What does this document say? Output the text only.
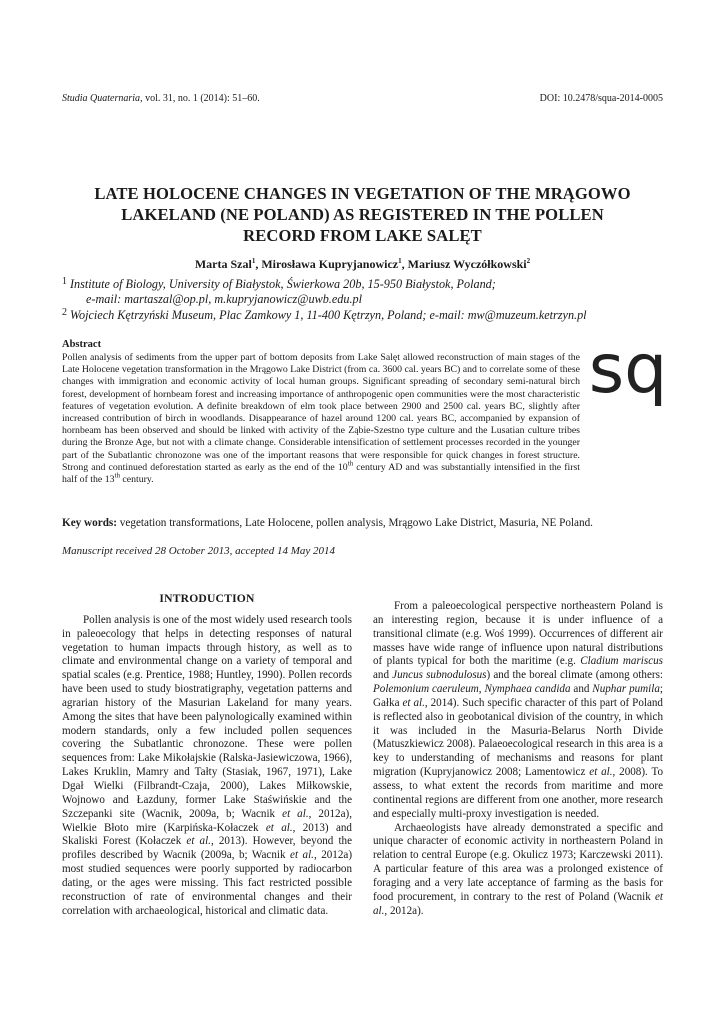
Studia Quaternaria, vol. 31, no. 1 (2014): 51–60.	DOI: 10.2478/squa-2014-0005
LATE HOLOCENE CHANGES IN VEGETATION OF THE MRĄGOWO
LAKELAND (NE POLAND) AS REGISTERED IN THE POLLEN
RECORD FROM LAKE SALĘT
Marta Szal$^1$, Mirosława Kupryjanowicz$^1$, Mariusz Wyczółkowski$^2$
1 Institute of Biology, University of Białystok, Świerkowa 20b, 15-950 Białystok, Poland;
e-mail: martaszal@op.pl, m.kupryjanowicz@uwb.edu.pl
2 Wojciech Kętrzyński Museum, Plac Zamkowy 1, 11-400 Kętrzyn, Poland; e-mail: mw@muzeum.ketrzyn.pl
Abstract
Pollen analysis of sediments from the upper part of bottom deposits from Lake Salęt allowed reconstruction of main stages of the Late Holocene vegetation transformation in the Mrągowo Lake District (from ca. 3600 cal. years BC) and to correlate some of these changes with immigration and economic activity of local human groups. Significant spreading of secondary semi-natural birch forest, development of hornbeam forest and increasing importance of anthropogenic open communities were the most characteristic features of vegetation evolution. A definite breakdown of elm took place between 2900 and 2500 cal. years BC, slightly after increased contribution of birch in woodlands. Disappearance of hazel around 1200 cal. years BC, accompanied by expansion of hornbeam has been observed and should be linked with activity of the Ząbie-Szestno type culture and the Lusatian culture tribes during the Bronze Age, but not with a climate change. Considerable intensification of settlement processes recorded in the younger part of the Subatlantic chronozone was one of the important reasons that were responsible for quick changes in forest structure. Strong and continued deforestation started as early as the end of the 10th century AD and was substantially intensified in the first half of the 13th century.
sq
Key words: vegetation transformations, Late Holocene, pollen analysis, Mrągowo Lake District, Masuria, NE Poland.
Manuscript received 28 October 2013, accepted 14 May 2014
INTRODUCTION

Pollen analysis is one of the most widely used research tools in paleoecology that helps in detecting responses of natural vegetation to human impacts through history, as well as to climate and environmental change on a variety of temporal and spatial scales (e.g. Prentice, 1988; Huntley, 1990). Pollen records have been used to study biostratigraphy, vegetation patterns and agrarian history of the Masurian Lakeland for many years. Among the sites that have been palynologically examined within modern standards, only a few included pollen sequences covering the Subatlantic chronozone. These were pollen sequences from: Lake Mikołajskie (Ralska-Jasiewiczowa, 1966), Lakes Kruklin, Mamry and Tałty (Stasiak, 1967, 1971), Lake Dgał Wielki (Filbrandt-Czaja, 2000), Lakes Miłkowskie, Wojnowo and Łazduny, former Lake Staświńskie and the Szczepanki site (Wacnik, 2009a, b; Wacnik et al., 2012a), Wielkie Błoto mire (Karpińska-Kołaczek et al., 2013) and Skaliski Forest (Kołaczek et al., 2013). However, beyond the profiles described by Wacnik (2009a, b; Wacnik et al., 2012a) most studied sequences were poorly supported by radiocarbon dating, or the ages were missing. This fact restricted possible reconstruction of rate of environmental changes and their correlation with archaeological, historical and climatic data.

From a paleoecological perspective northeastern Poland is an interesting region, because it is under influence of a transitional climate (e.g. Woś 1999). Occurrences of different air masses have wide range of influence upon natural distributions of plants typical for both the maritime (e.g. Cladium mariscus and Juncus subnodulosus) and the boreal climate (among others: Polemonium caeruleum, Nymphaea candida and Nuphar pumila; Gałka et al., 2014). Such specific character of this part of Poland is reflected also in geobotanical division of the country, in which it was included in the Masuria-Belarus North Divide (Matuszkiewicz 2008). Palaeoecological research in this area is a key to understanding of mechanisms and reasons for plant migration (Kupryjanowicz 2008; Lamentowicz et al., 2008). To assess, to what extent the records from maritime and more continental regions are different from one another, more research and especially multi-proxy investigation is needed.

Archaeologists have already demonstrated a specific and unique character of economic activity in northeastern Poland in relation to central Europe (e.g. Okulicz 1973; Karczewski 2011). A particular feature of this area was a prolonged existence of foraging and a very late acceptance of farming as the basis for food procurement, in contrary to the rest of Poland (Wacnik et al., 2012a).
